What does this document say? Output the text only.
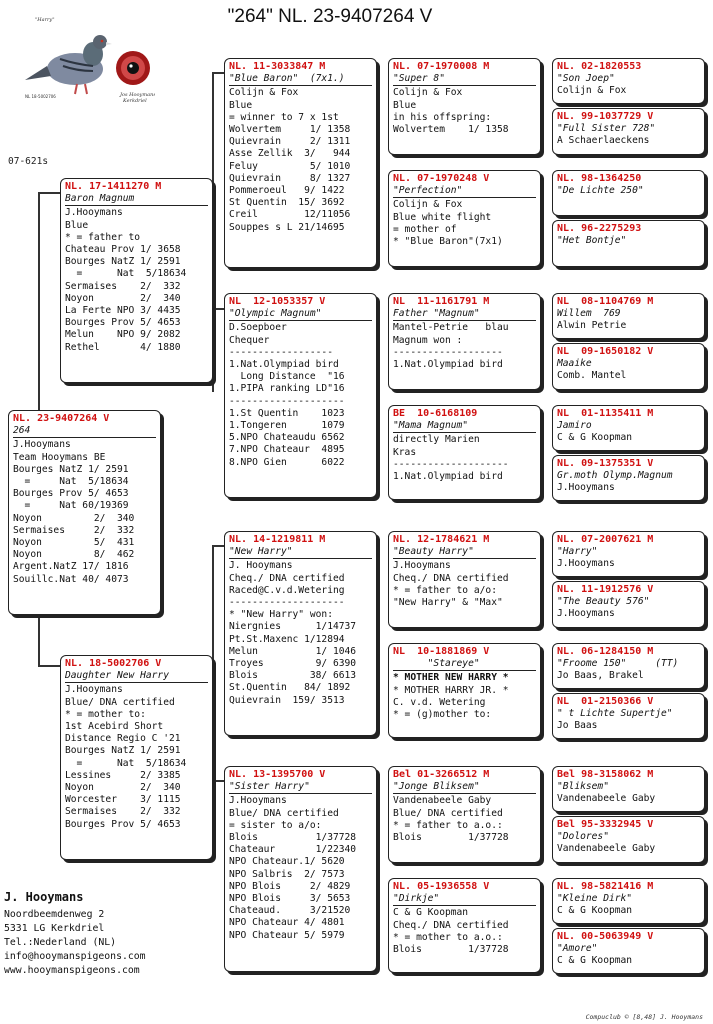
"264" NL. 23-9407264 V
"Harry"
NL 18-5002706	Jos Hooymans
Kerkdriel
07-621s
NL. 23-9407264 V
264
J.Hooymans
Team Hooymans BE
Bourges NatZ 1/ 2591
=     Nat  5/18634
Bourges Prov 5/ 4653
=     Nat 60/19369
Noyon         2/  340
Sermaises     2/  332
Noyon         5/  431
Noyon         8/  462
Argent.NatZ 17/ 1816
Souillc.Nat 40/ 4073
NL. 17-1411270 M
Baron Magnum
J.Hooymans
Blue
* = father to
Chateau Prov 1/ 3658
Bourges NatZ 1/ 2591
=      Nat  5/18634
Sermaises    2/  332
Noyon        2/  340
La Ferte NPO 3/ 4435
Bourges Prov 5/ 4653
Melun    NPO 9/ 2082
Rethel       4/ 1880
NL. 18-5002706 V
Daughter New Harry
J.Hooymans
Blue/ DNA certified
* = mother to:
1st Acebird Short
Distance Regio C '21
Bourges NatZ 1/ 2591
=      Nat  5/18634
Lessines     2/ 3385
Noyon        2/  340
Worcester    3/ 1115
Sermaises    2/  332
Bourges Prov 5/ 4653
NL. 11-3033847 M
"Blue Baron"  (7x1.)
Colijn & Fox
Blue
= winner to 7 x 1st
Wolvertem     1/ 1358
Quievrain     2/ 1311
Asse Zellik  3/   944
Feluy         5/ 1010
Quievrain     8/ 1327
Pommeroeul   9/ 1422
St Quentin  15/ 3692
Creil        12/11056
Souppes s L 21/14695
NL  12-1053357 V
"Olympic Magnum"
D.Soepboer
Chequer
------------------
1.Nat.Olympiad bird
Long Distance  "16
1.PIPA ranking LD"16
--------------------
1.St Quentin    1023
1.Tongeren      1079
5.NPO Chateaudu 6562
7.NPO Chateaur  4895
8.NPO Gien      6022
NL. 14-1219811 M
"New Harry"
J. Hooymans
Cheq./ DNA certified
Raced@C.v.d.Wetering
--------------------
* "New Harry" won:
Niergnies      1/14737
Pt.St.Maxenc 1/12894
Melun          1/ 1046
Troyes         9/ 6390
Blois         38/ 6613
St.Quentin   84/ 1892
Quievrain  159/ 3513
NL. 13-1395700 V
"Sister Harry"
J.Hooymans
Blue/ DNA certified
= sister to a/o:
Blois          1/37728
Chateaur       1/22340
NPO Chateaur.1/ 5620
NPO Salbris  2/ 7573
NPO Blois     2/ 4829
NPO Blois     3/ 5653
Chateaud.     3/21520
NPO Chateaur 4/ 4801
NPO Chateaur 5/ 5979
NL. 07-1970008 M
"Super 8"
Colijn & Fox
Blue
in his offspring:
Wolvertem    1/ 1358
NL. 07-1970248 V
"Perfection"
Colijn & Fox
Blue white flight
= mother of
* "Blue Baron"(7x1)
NL  11-1161791 M
Father "Magnum"
Mantel-Petrie   blau
Magnum won :
-------------------
1.Nat.Olympiad bird
BE  10-6168109
"Mama Magnum"
directly Marien
Kras
--------------------
1.Nat.Olympiad bird
NL. 12-1784621 M
"Beauty Harry"
J.Hooymans
Cheq./ DNA certified
* = father to a/o:
"New Harry" & "Max"
NL  10-1881869 V
"Stareye"
* MOTHER NEW HARRY *
* MOTHER HARRY JR. *
C. v.d. Wetering
* = (g)mother to:
Bel 01-3266512 M
"Jonge Bliksem"
Vandenabeele Gaby
Blue/ DNA certified
* = father to a.o.:
Blois        1/37728
NL. 05-1936558 V
"Dirkje"
C & G Koopman
Cheq./ DNA certified
* = mother to a.o.:
Blois        1/37728
NL. 02-1820553
"Son Joep"
Colijn & Fox
NL. 99-1037729 V
"Full Sister 728"
A Schaerlaeckens
NL. 98-1364250
"De Lichte 250"
NL. 96-2275293
"Het Bontje"
NL  08-1104769 M
Willem  769
Alwin Petrie
NL  09-1650182 V
Maaike
Comb. Mantel
NL  01-1135411 M
Jamiro
C & G Koopman
NL. 09-1375351 V
Gr.moth Olymp.Magnum
J.Hooymans
NL. 07-2007621 M
"Harry"
J.Hooymans
NL. 11-1912576 V
"The Beauty 576"
J.Hooymans
NL. 06-1284150 M
"Froome 150"     (TT)
Jo Baas, Brakel
NL  01-2150366 V
" t Lichte Supertje"
Jo Baas
Bel 98-3158062 M
"Bliksem"
Vandenabeele Gaby
Bel 95-3332945 V
"Dolores"
Vandenabeele Gaby
NL. 98-5821416 M
"Kleine Dirk"
C & G Koopman
NL. 00-5063949 V
"Amore"
C & G Koopman
J. Hooymans
Noordbeemdenweg 2
5331 LG Kerkdriel
Tel.:Nederland (NL)
info@hooymanspigeons.com
www.hooymanspigeons.com
Compuclub © [8,48] J. Hooymans
